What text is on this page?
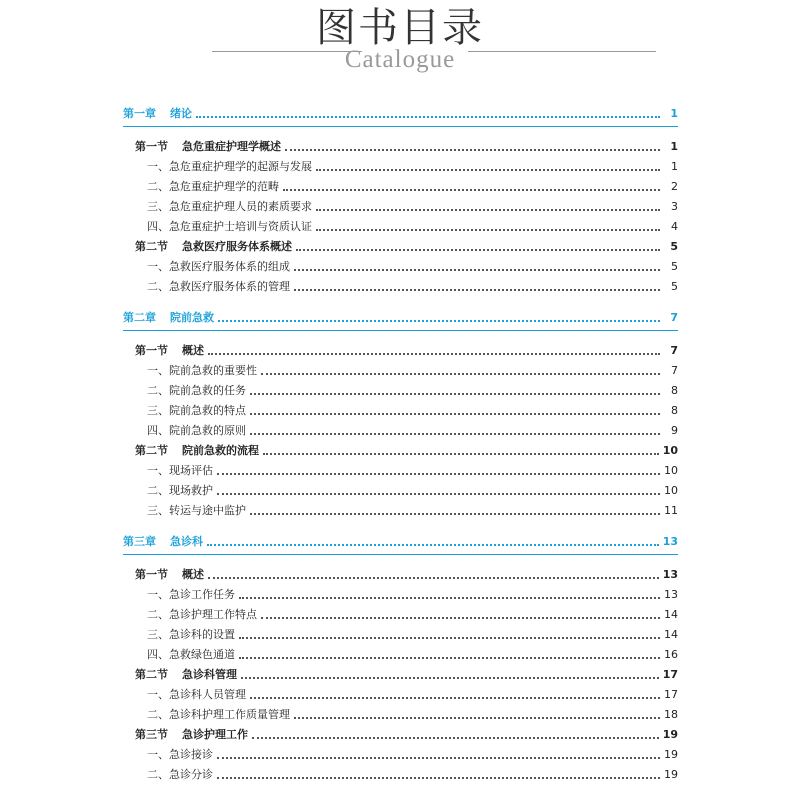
图书目录
Catalogue
第一章 绪论	1
第一节 急危重症护理学概述	1
一、急危重症护理学的起源与发展	1
二、急危重症护理学的范畴	2
三、急危重症护理人员的素质要求	3
四、急危重症护士培训与资质认证	4
第二节 急救医疗服务体系概述	5
一、急救医疗服务体系的组成	5
二、急救医疗服务体系的管理	5
第二章 院前急救	7
第一节 概述	7
一、院前急救的重要性	7
二、院前急救的任务	8
三、院前急救的特点	8
四、院前急救的原则	9
第二节 院前急救的流程	10
一、现场评估	10
二、现场救护	10
三、转运与途中监护	11
第三章 急诊科	13
第一节 概述	13
一、急诊工作任务	13
二、急诊护理工作特点	14
三、急诊科的设置	14
四、急救绿色通道	16
第二节 急诊科管理	17
一、急诊科人员管理	17
二、急诊科护理工作质量管理	18
第三节 急诊护理工作	19
一、急诊接诊	19
二、急诊分诊	19
